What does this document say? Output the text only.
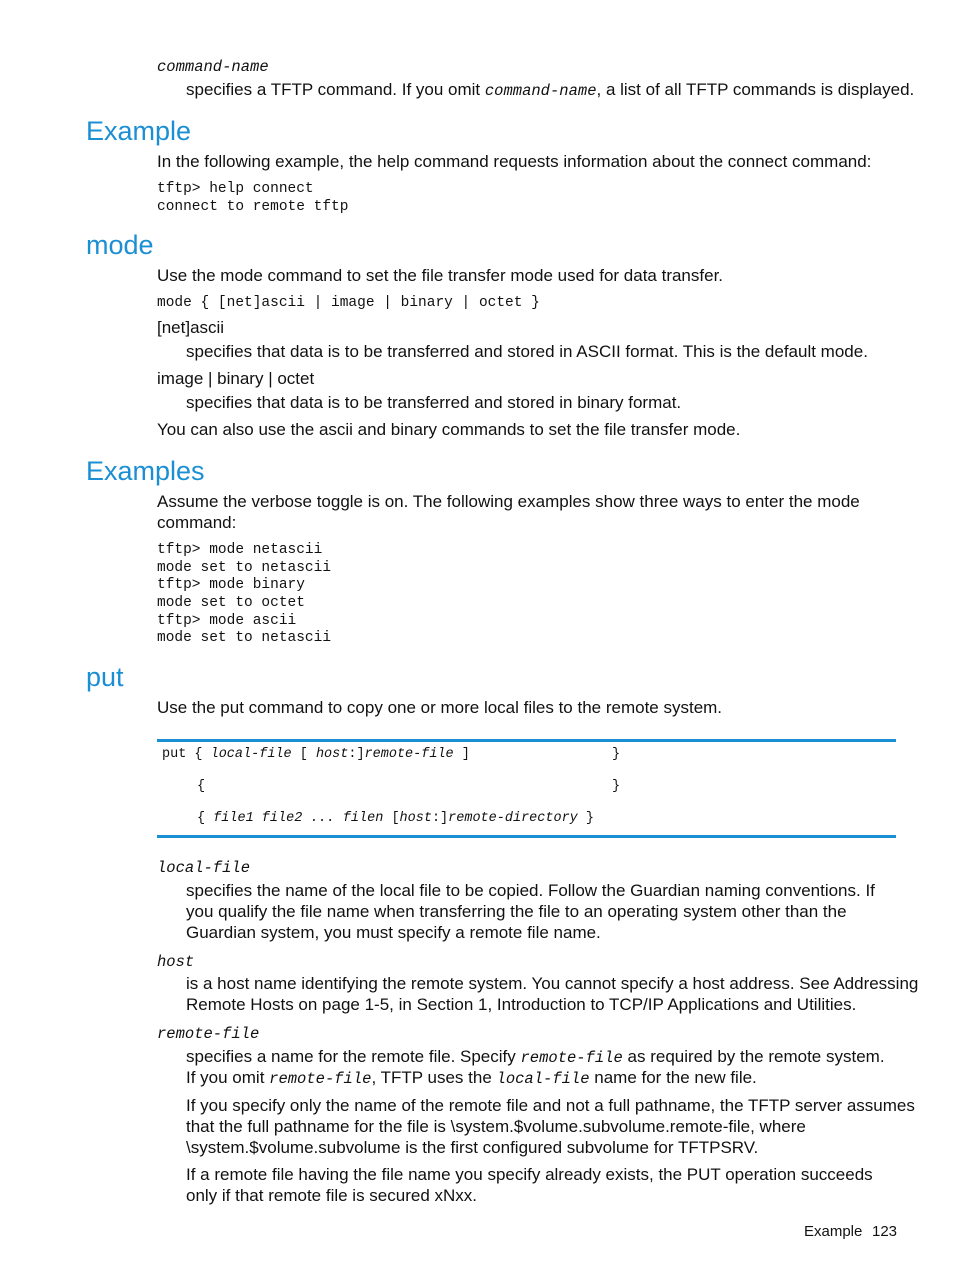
command-name
specifies a TFTP command. If you omit command-name, a list of all TFTP commands is displayed.
Example
In the following example, the help command requests information about the connect command:
tftp> help connect
connect to remote tftp
mode
Use the mode command to set the file transfer mode used for data transfer.
mode { [net]ascii | image | binary | octet }
[net]ascii
specifies that data is to be transferred and stored in ASCII format. This is the default mode.
image | binary | octet
specifies that data is to be transferred and stored in binary format.
You can also use the ascii and binary commands to set the file transfer mode.
Examples
Assume the verbose toggle is on. The following examples show three ways to enter the mode
command:
tftp> mode netascii
mode set to netascii
tftp> mode binary
mode set to octet
tftp> mode ascii
mode set to netascii
put
Use the put command to copy one or more local files to the remote system.
put { local-file [ host:]remote-file ]	}
{	}
{ file1 file2 ... filen [host:]remote-directory }
local-file
specifies the name of the local file to be copied. Follow the Guardian naming conventions. If
you qualify the file name when transferring the file to an operating system other than the
Guardian system, you must specify a remote file name.
host
is a host name identifying the remote system. You cannot specify a host address. See Addressing
Remote Hosts on page 1-5, in Section 1, Introduction to TCP/IP Applications and Utilities.
remote-file
specifies a name for the remote file. Specify remote-file as required by the remote system.
If you omit remote-file, TFTP uses the local-file name for the new file.
If you specify only the name of the remote file and not a full pathname, the TFTP server assumes
that the full pathname for the file is \system.$volume.subvolume.remote-file, where
\system.$volume.subvolume is the first configured subvolume for TFTPSRV.
If a remote file having the file name you specify already exists, the PUT operation succeeds
only if that remote file is secured xNxx.
Example 123
